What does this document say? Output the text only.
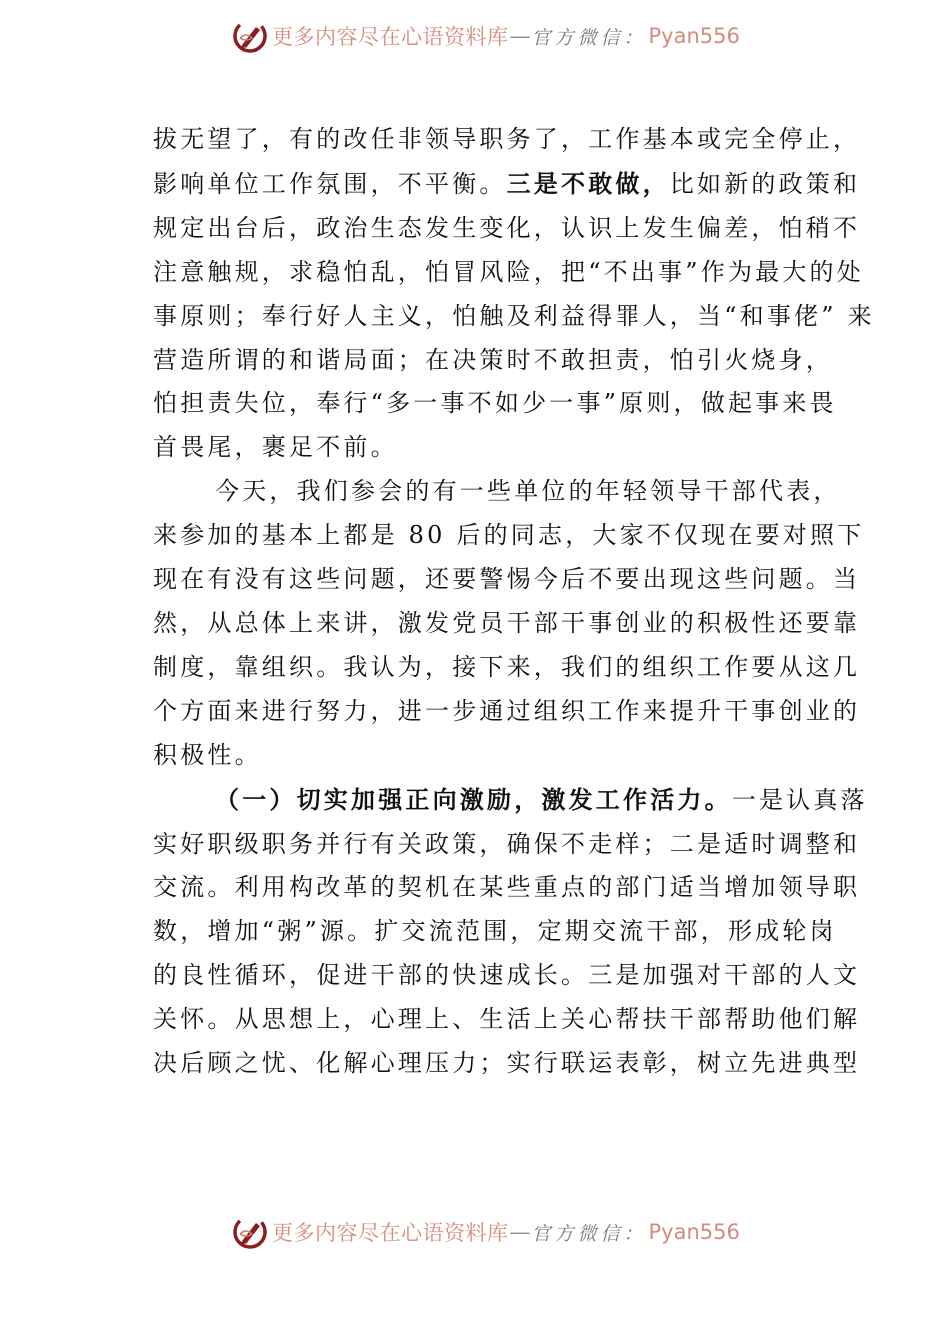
更多内容尽在心语资料库 — 官方微信： Pyan556
拔无望了，有的改任非领导职务了，工作基本或完全停止，
影响单位工作氛围，不平衡。三是不敢做，比如新的政策和
规定出台后，政治生态发生变化，认识上发生偏差，怕稍不
注意触规，求稳怕乱，怕冒风险，把“不出事”作为最大的处
事原则；奉行好人主义，怕触及利益得罪人，当“和事佬” 来
营造所谓的和谐局面；在决策时不敢担责，怕引火烧身，
怕担责失位，奉行“多一事不如少一事”原则，做起事来畏
首畏尾，裹足不前。
今天，我们参会的有一些单位的年轻领导干部代表，
来参加的基本上都是 80 后的同志，大家不仅现在要对照下
现在有没有这些问题，还要警惕今后不要出现这些问题。当
然，从总体上来讲，激发党员干部干事创业的积极性还要靠
制度，靠组织。我认为，接下来，我们的组织工作要从这几
个方面来进行努力，进一步通过组织工作来提升干事创业的
积极性。
（一）切实加强正向激励，激发工作活力。一是认真落
实好职级职务并行有关政策，确保不走样；二是适时调整和
交流。利用构改革的契机在某些重点的部门适当增加领导职
数，增加“粥”源。扩交流范围，定期交流干部，形成轮岗
的良性循环，促进干部的快速成长。三是加强对干部的人文
关怀。从思想上，心理上、生活上关心帮扶干部帮助他们解
决后顾之忧、化解心理压力；实行联运表彰，树立先进典型
更多内容尽在心语资料库 — 官方微信： Pyan556
